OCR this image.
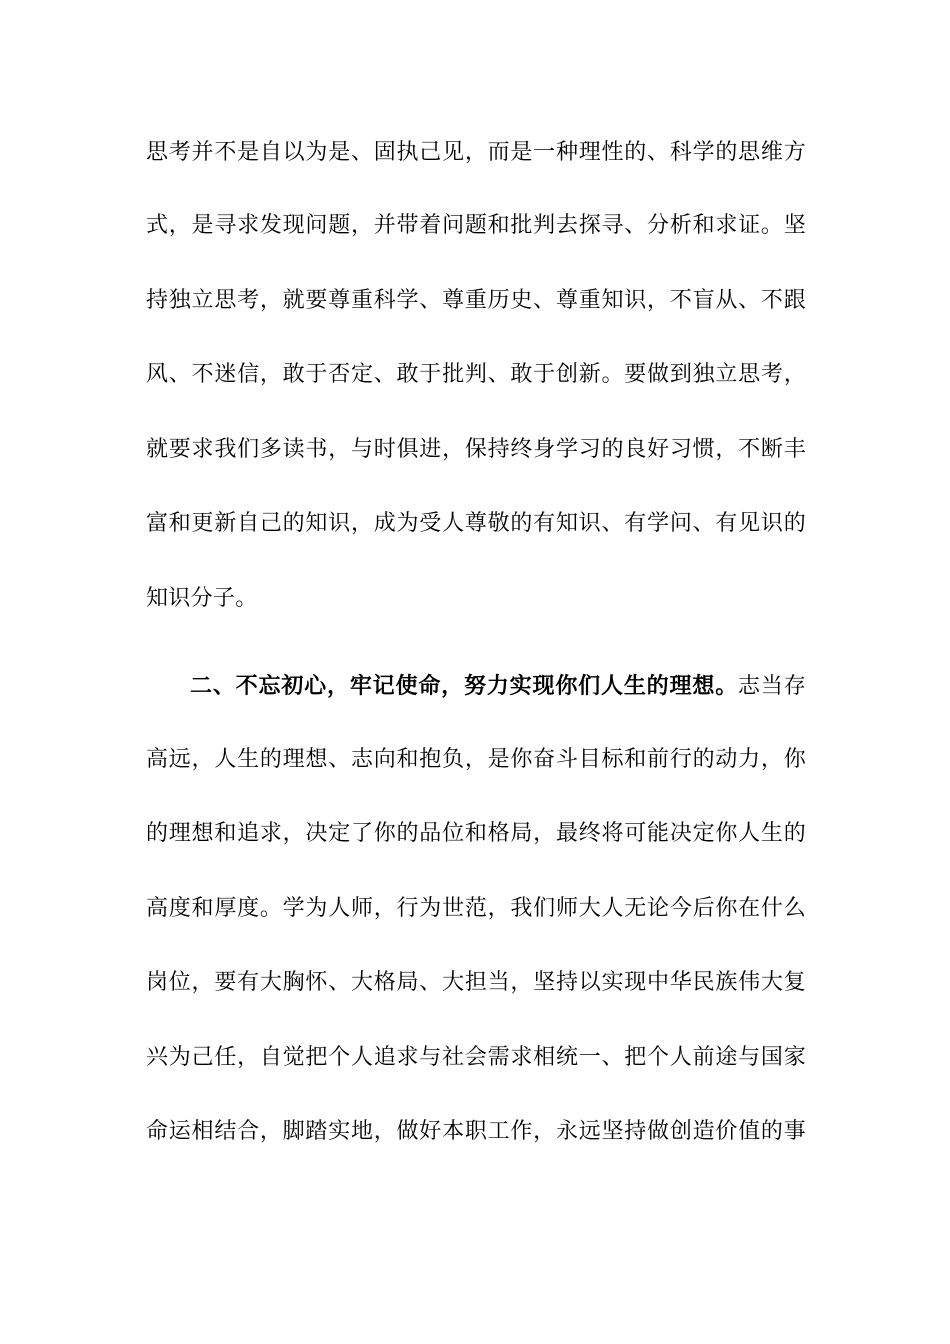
思考并不是自以为是、固执己见，而是一种理性的、科学的思维方
式，是寻求发现问题，并带着问题和批判去探寻、分析和求证。坚
持独立思考，就要尊重科学、尊重历史、尊重知识，不盲从、不跟
风、不迷信，敢于否定、敢于批判、敢于创新。要做到独立思考，
就要求我们多读书，与时俱进，保持终身学习的良好习惯，不断丰
富和更新自己的知识，成为受人尊敬的有知识、有学问、有见识的
知识分子。
二、不忘初心，牢记使命，努力实现你们人生的理想。志当存
高远，人生的理想、志向和抱负，是你奋斗目标和前行的动力，你
的理想和追求，决定了你的品位和格局，最终将可能决定你人生的
高度和厚度。学为人师，行为世范，我们师大人无论今后你在什么
岗位，要有大胸怀、大格局、大担当，坚持以实现中华民族伟大复
兴为己任，自觉把个人追求与社会需求相统一、把个人前途与国家
命运相结合，脚踏实地，做好本职工作，永远坚持做创造价值的事
